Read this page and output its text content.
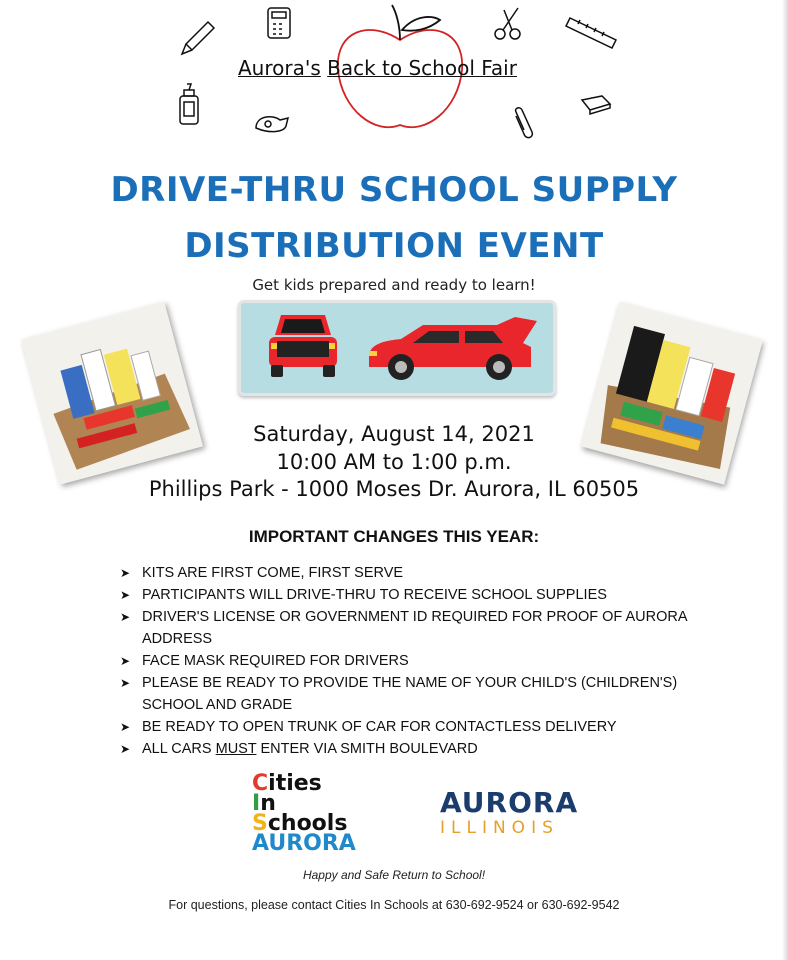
Aurora's Back to School Fair
DRIVE-THRU SCHOOL SUPPLY
DISTRIBUTION EVENT
Get kids prepared and ready to learn!
Saturday, August 14, 2021
10:00 AM to 1:00 p.m.
Phillips Park - 1000 Moses Dr. Aurora, IL 60505
IMPORTANT CHANGES THIS YEAR:
➤ KITS ARE FIRST COME, FIRST SERVE
➤ PARTICIPANTS WILL DRIVE-THRU TO RECEIVE SCHOOL SUPPLIES
➤ DRIVER'S LICENSE OR GOVERNMENT ID REQUIRED FOR PROOF OF AURORA ADDRESS
➤ FACE MASK REQUIRED FOR DRIVERS
➤ PLEASE BE READY TO PROVIDE THE NAME OF YOUR CHILD'S (CHILDREN'S) SCHOOL AND GRADE
➤ BE READY TO OPEN TRUNK OF CAR FOR CONTACTLESS DELIVERY
➤ ALL CARS MUST ENTER VIA SMITH BOULEVARD
Cities
In
Schools
AURORA
AURORA
ILLINOIS
Happy and Safe Return to School!
For questions, please contact Cities In Schools at 630-692-9524 or 630-692-9542
